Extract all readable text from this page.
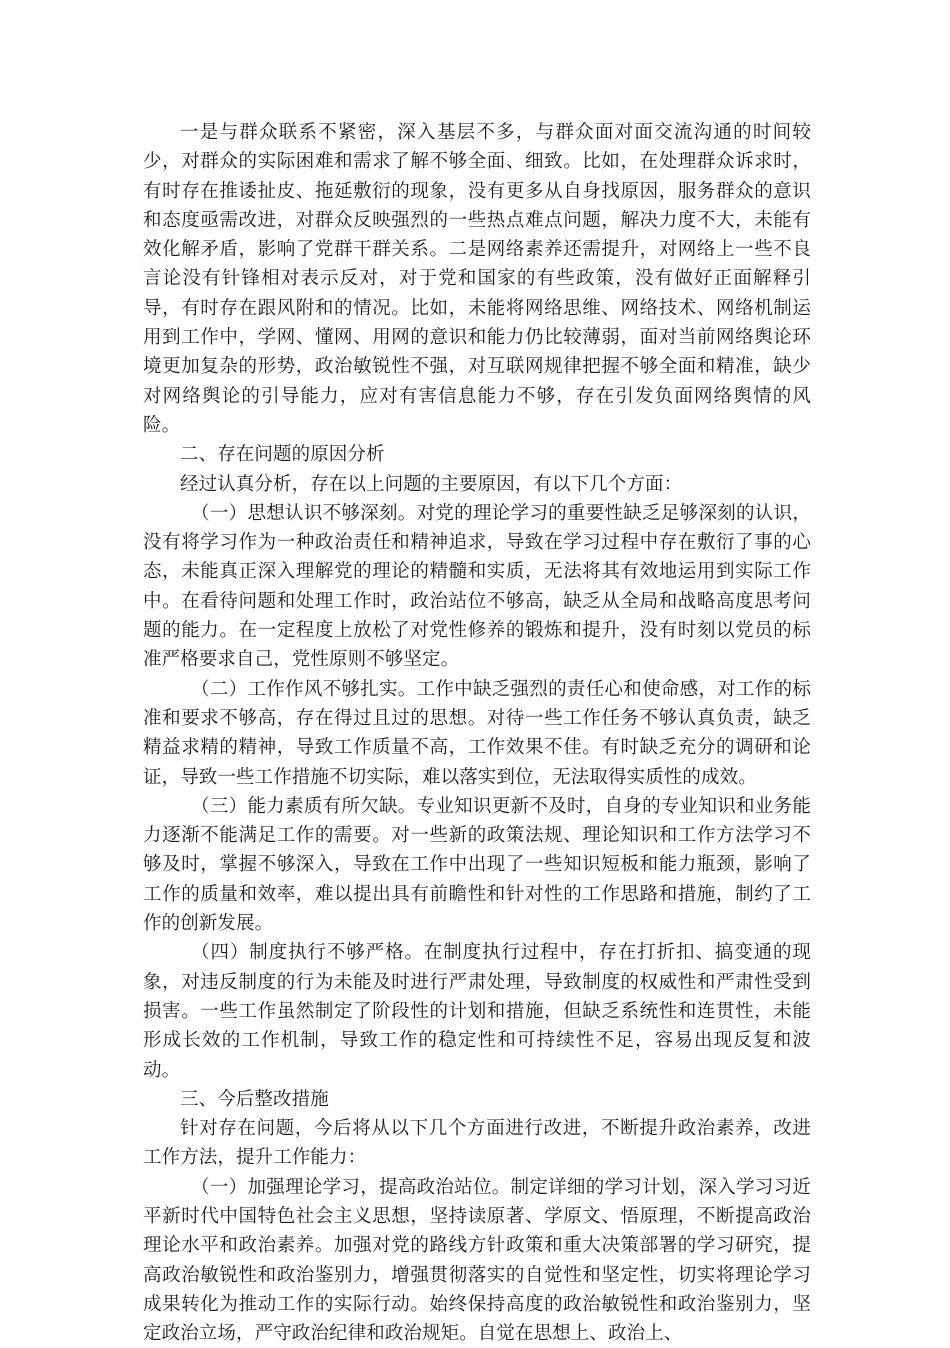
一是与群众联系不紧密，深入基层不多，与群众面对面交流沟通的时间较少，对群众的实际困难和需求了解不够全面、细致。比如，在处理群众诉求时，有时存在推诿扯皮、拖延敷衍的现象，没有更多从自身找原因，服务群众的意识和态度亟需改进，对群众反映强烈的一些热点难点问题，解决力度不大，未能有效化解矛盾，影响了党群干群关系。二是网络素养还需提升，对网络上一些不良言论没有针锋相对表示反对，对于党和国家的有些政策，没有做好正面解释引导，有时存在跟风附和的情况。比如，未能将网络思维、网络技术、网络机制运用到工作中，学网、懂网、用网的意识和能力仍比较薄弱，面对当前网络舆论环境更加复杂的形势，政治敏锐性不强，对互联网规律把握不够全面和精准，缺少对网络舆论的引导能力，应对有害信息能力不够，存在引发负面网络舆情的风险。

二、存在问题的原因分析

经过认真分析，存在以上问题的主要原因，有以下几个方面：

（一）思想认识不够深刻。对党的理论学习的重要性缺乏足够深刻的认识，没有将学习作为一种政治责任和精神追求，导致在学习过程中存在敷衍了事的心态，未能真正深入理解党的理论的精髓和实质，无法将其有效地运用到实际工作中。在看待问题和处理工作时，政治站位不够高，缺乏从全局和战略高度思考问题的能力。在一定程度上放松了对党性修养的锻炼和提升，没有时刻以党员的标准严格要求自己，党性原则不够坚定。

（二）工作作风不够扎实。工作中缺乏强烈的责任心和使命感，对工作的标准和要求不够高，存在得过且过的思想。对待一些工作任务不够认真负责，缺乏精益求精的精神，导致工作质量不高，工作效果不佳。有时缺乏充分的调研和论证，导致一些工作措施不切实际，难以落实到位，无法取得实质性的成效。

（三）能力素质有所欠缺。专业知识更新不及时，自身的专业知识和业务能力逐渐不能满足工作的需要。对一些新的政策法规、理论知识和工作方法学习不够及时，掌握不够深入，导致在工作中出现了一些知识短板和能力瓶颈，影响了工作的质量和效率，难以提出具有前瞻性和针对性的工作思路和措施，制约了工作的创新发展。

（四）制度执行不够严格。在制度执行过程中，存在打折扣、搞变通的现象，对违反制度的行为未能及时进行严肃处理，导致制度的权威性和严肃性受到损害。一些工作虽然制定了阶段性的计划和措施，但缺乏系统性和连贯性，未能形成长效的工作机制，导致工作的稳定性和可持续性不足，容易出现反复和波动。

三、今后整改措施

针对存在问题，今后将从以下几个方面进行改进，不断提升政治素养，改进工作方法，提升工作能力：

（一）加强理论学习，提高政治站位。制定详细的学习计划，深入学习习近平新时代中国特色社会主义思想，坚持读原著、学原文、悟原理，不断提高政治理论水平和政治素养。加强对党的路线方针政策和重大决策部署的学习研究，提高政治敏锐性和政治鉴别力，增强贯彻落实的自觉性和坚定性，切实将理论学习成果转化为推动工作的实际行动。始终保持高度的政治敏锐性和政治鉴别力，坚定政治立场，严守政治纪律和政治规矩。自觉在思想上、政治上、
